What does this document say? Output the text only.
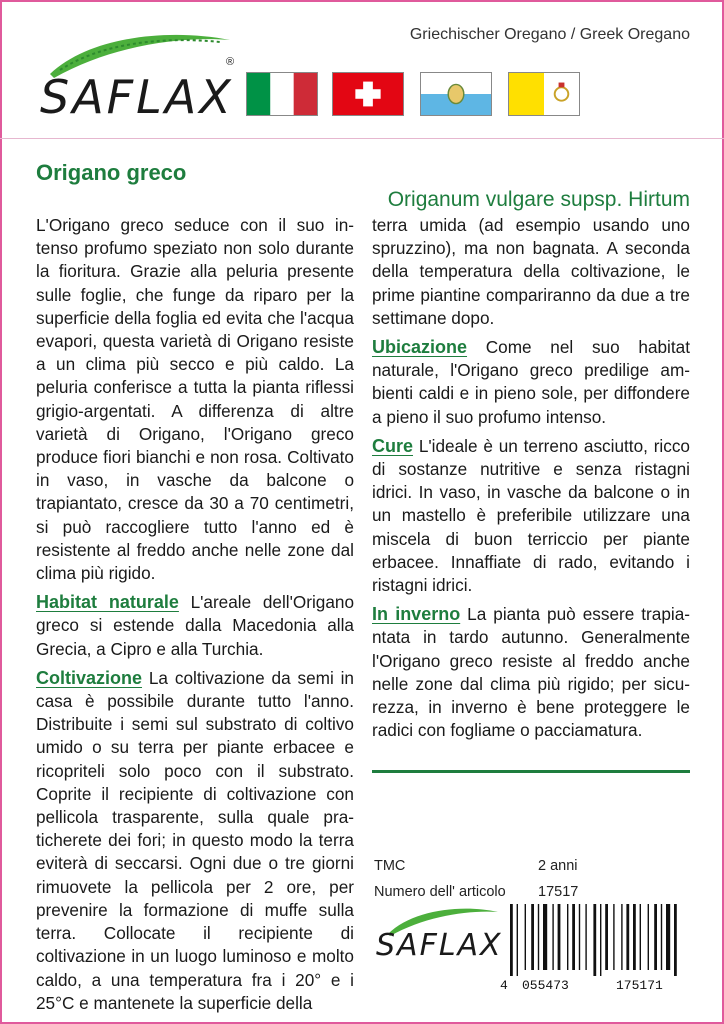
SAFLAX
®
Griechischer Oregano / Greek Oregano
Origano greco
Origanum vulgare supsp. Hirtum

L'Origano greco seduce con il suo intenso profumo speziato non solo durante la fioritura. Grazie alla peluria presente sulle foglie, che funge da riparo per la superficie della foglia ed evita che l'acqua evapori, questa varietà di Origano resiste a un clima più secco e più caldo. La peluria conferisce a tutta la pianta riflessi grigio-argentati. A differenza di altre varietà di Origano, l'Origano greco produce fiori bianchi e non rosa. Coltivato in vaso, in vasche da balcone o trapiantato, cresce da 30 a 70 centimetri, si può raccogliere tutto l'anno ed è resistente al freddo anche nelle zone dal clima più rigido.

Habitat naturale L'areale dell'Origano greco si estende dalla Macedonia alla Grecia, a Cipro e alla Turchia.

Coltivazione La coltivazione da semi in casa è possibile durante tutto l'anno. Distribuite i semi sul substrato di coltivo umido o su terra per piante erbacee e ricopriteli solo poco con il substrato. Coprite il recipiente di coltivazione con pellicola trasparente, sulla quale praticherete dei fori; in questo modo la terra eviterà di seccarsi. Ogni due o tre giorni rimuovete la pellicola per 2 ore, per prevenire la formazione di muffe sulla terra. Collocate il recipiente di coltivazione in un luogo luminoso e molto caldo, a una temperatura fra i 20° e i 25°C e mantenete la superficie della

terra umida (ad esempio usando uno spruzzino), ma non bagnata. A seconda della temperatura della coltivazione, le prime piantine compariranno da due a tre settimane dopo.

Ubicazione Come nel suo habitat naturale, l'Origano greco predilige ambienti caldi e in pieno sole, per diffondere a pieno il suo profumo intenso.

Cure L'ideale è un terreno asciutto, ricco di sostanze nutritive e senza ristagni idrici. In vaso, in vasche da balcone o in un mastello è preferibile utilizzare una miscela di buon terriccio per piante erbacee. Innaffiate di rado, evitando i ristagni idrici.

In inverno La pianta può essere trapiantata in tardo autunno. Generalmente l'Origano greco resiste al freddo anche nelle zone dal clima più rigido; per sicurezza, in inverno è bene proteggere le radici con fogliame o pacciamatura.

TMC	2 anni
Numero dell' articolo 17517
SAFLAX
4 055473	175171
